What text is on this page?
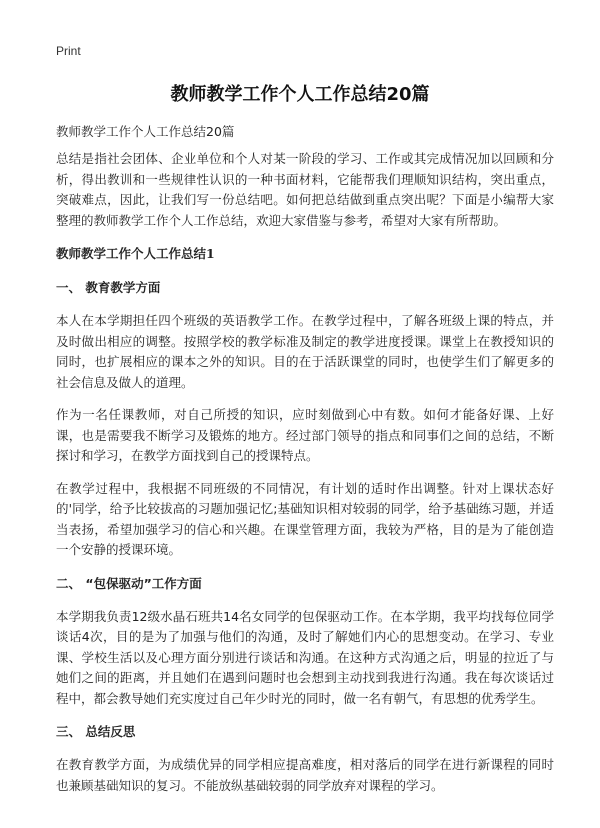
Print
教师教学工作个人工作总结20篇
教师教学工作个人工作总结20篇

总结是指社会团体、企业单位和个人对某一阶段的学习、工作或其完成情况加以回顾和分析，得出教训和一些规律性认识的一种书面材料，它能帮我们理顺知识结构，突出重点，突破难点，因此，让我们写一份总结吧。如何把总结做到重点突出呢？下面是小编帮大家整理的教师教学工作个人工作总结，欢迎大家借鉴与参考，希望对大家有所帮助。

教师教学工作个人工作总结1
一、 教育教学方面

本人在本学期担任四个班级的英语教学工作。在教学过程中，了解各班级上课的特点，并及时做出相应的调整。按照学校的教学标准及制定的教学进度授课。课堂上在教授知识的同时，也扩展相应的课本之外的知识。目的在于活跃课堂的同时，也使学生们了解更多的社会信息及做人的道理。

作为一名任课教师，对自己所授的知识，应时刻做到心中有数。如何才能备好课、上好课，也是需要我不断学习及锻炼的地方。经过部门领导的指点和同事们之间的总结，不断探讨和学习，在教学方面找到自己的授课特点。

在教学过程中，我根据不同班级的不同情况，有计划的适时作出调整。针对上课状态好的'同学，给予比较拔高的习题加强记忆;基础知识相对较弱的同学，给予基础练习题，并适当表扬，希望加强学习的信心和兴趣。在课堂管理方面，我较为严格，目的是为了能创造一个安静的授课环境。

二、 “包保驱动”工作方面

本学期我负责12级水晶石班共14名女同学的包保驱动工作。在本学期，我平均找每位同学谈话4次，目的是为了加强与他们的沟通，及时了解她们内心的思想变动。在学习、专业课、学校生活以及心理方面分别进行谈话和沟通。在这种方式沟通之后，明显的拉近了与她们之间的距离，并且她们在遇到问题时也会想到主动找到我进行沟通。我在每次谈话过程中，都会教导她们充实度过自己年少时光的同时，做一名有朝气，有思想的优秀学生。

三、 总结反思

在教育教学方面，为成绩优异的同学相应提高难度，相对落后的同学在进行新课程的同时也兼顾基础知识的复习。不能放纵基础较弱的同学放弃对课程的学习。
